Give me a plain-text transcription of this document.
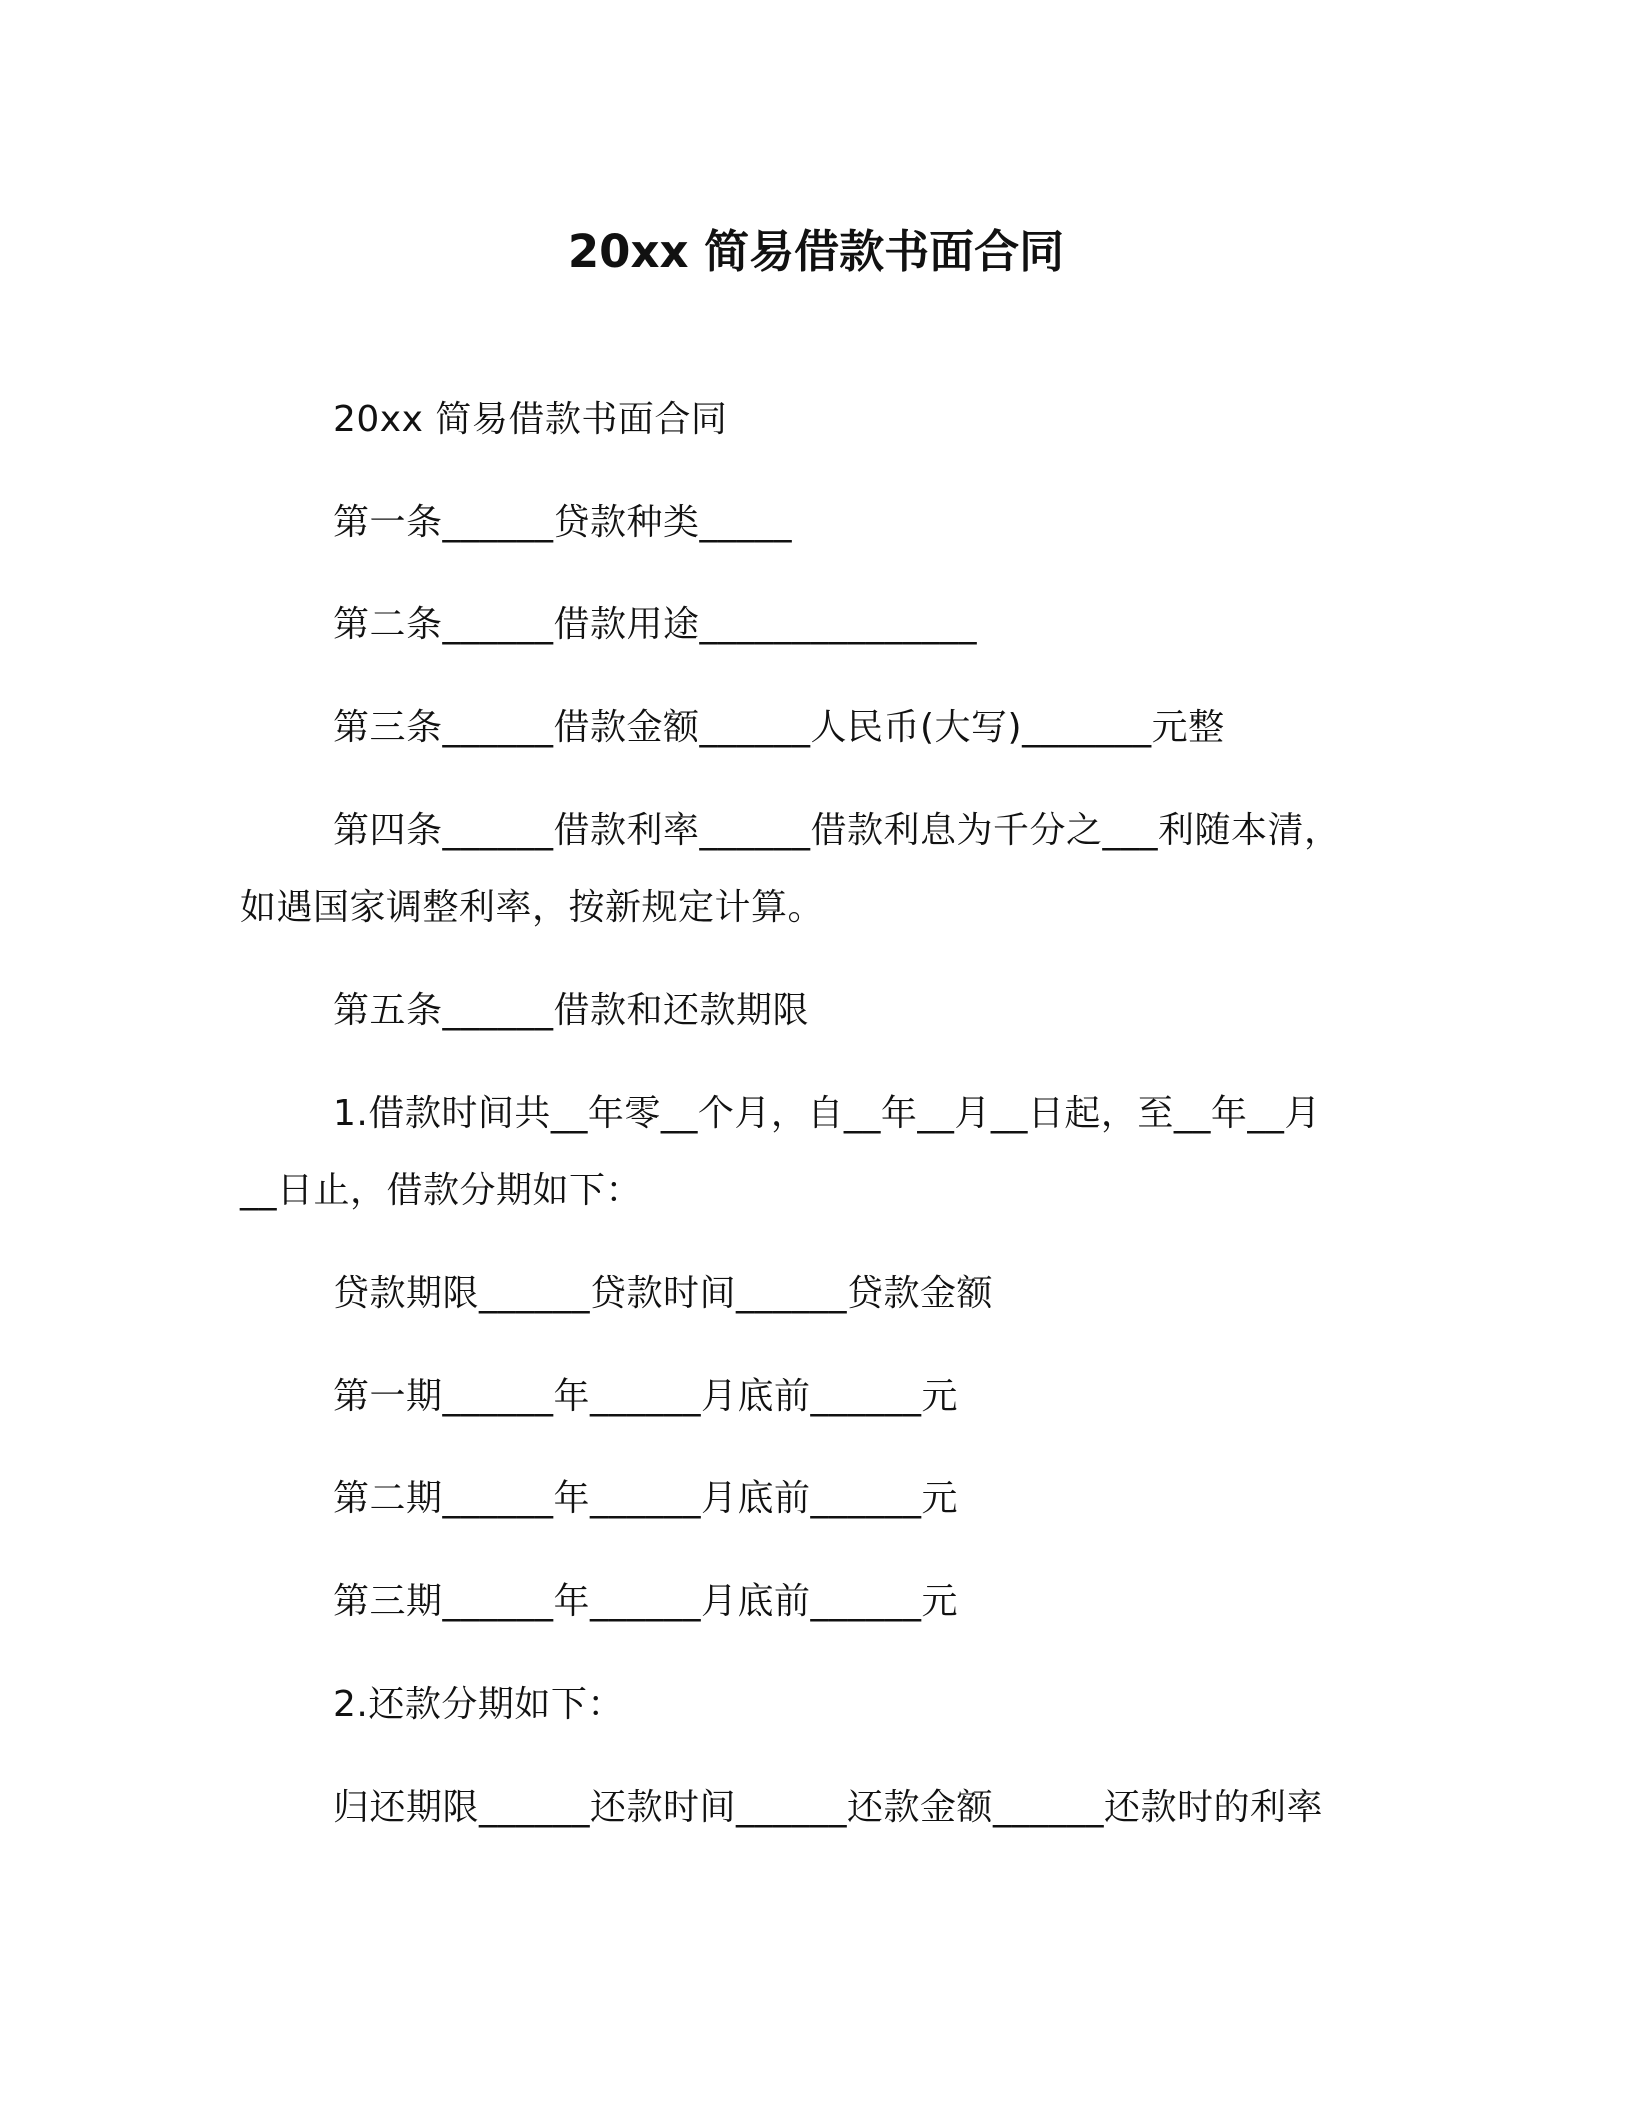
20xx 简易借款书面合同
20xx 简易借款书面合同
第一条______贷款种类_____
第二条______借款用途_______________
第三条______借款金额______人民币(大写)_______元整
第四条______借款利率______借款利息为千分之___利随本清，
如遇国家调整利率，按新规定计算。
第五条______借款和还款期限
1.借款时间共__年零__个月，自__年__月__日起，至__年__月
__日止，借款分期如下：
贷款期限______贷款时间______贷款金额
第一期______年______月底前______元
第二期______年______月底前______元
第三期______年______月底前______元
2.还款分期如下：
归还期限______还款时间______还款金额______还款时的利率
